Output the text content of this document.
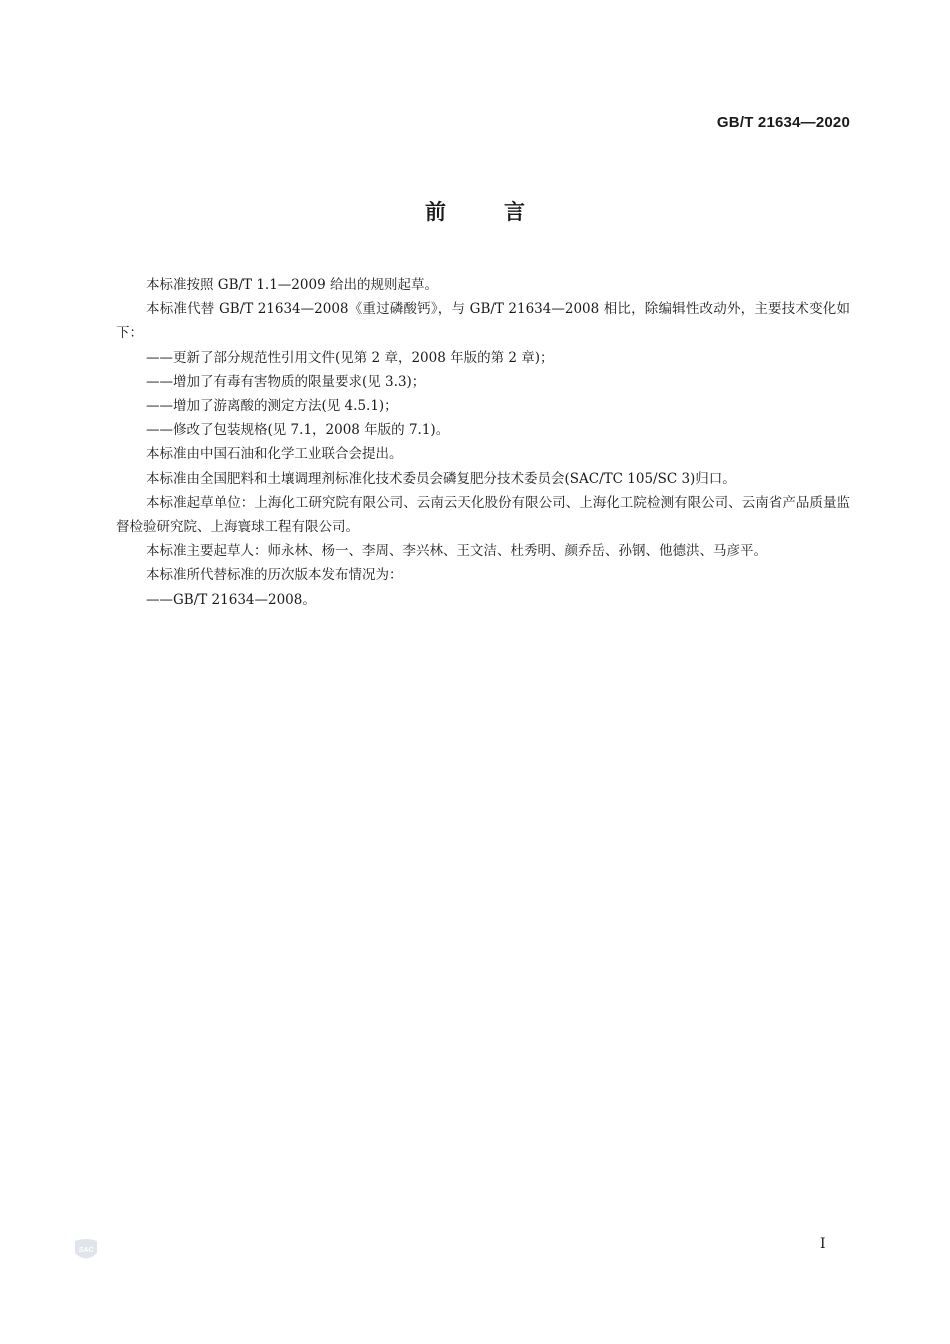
GB/T 21634—2020
前言

本标准按照 GB/T 1.1—2009 给出的规则起草。

本标准代替 GB/T 21634—2008《重过磷酸钙》，与 GB/T 21634—2008 相比，除编辑性改动外，主要技术变化如下：

——更新了部分规范性引用文件(见第 2 章，2008 年版的第 2 章)；

——增加了有毒有害物质的限量要求(见 3.3)；

——增加了游离酸的测定方法(见 4.5.1)；

——修改了包装规格(见 7.1，2008 年版的 7.1)。

本标准由中国石油和化学工业联合会提出。

本标准由全国肥料和土壤调理剂标准化技术委员会磷复肥分技术委员会(SAC/TC 105/SC 3)归口。

本标准起草单位：上海化工研究院有限公司、云南云天化股份有限公司、上海化工院检测有限公司、云南省产品质量监督检验研究院、上海寰球工程有限公司。

本标准主要起草人：师永林、杨一、李周、李兴林、王文洁、杜秀明、颜乔岳、孙钢、他德洪、马彦平。

本标准所代替标准的历次版本发布情况为：

——GB/T 21634—2008。

SAC	I
